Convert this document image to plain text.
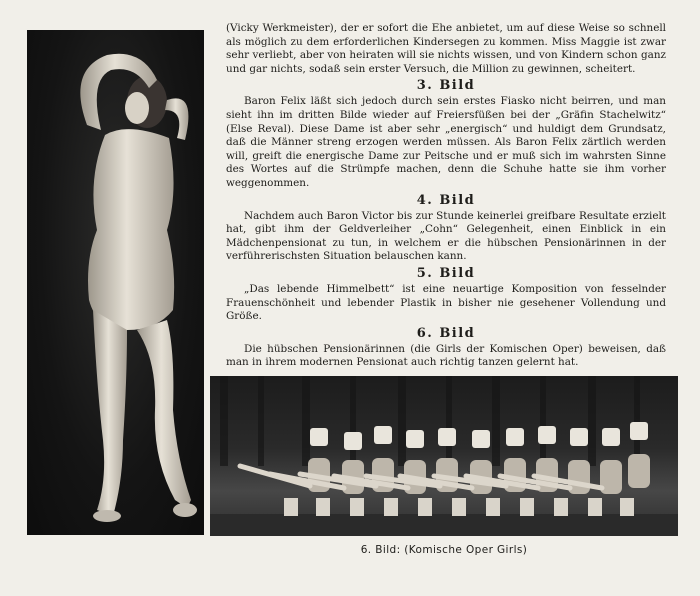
(Vicky Werkmeister), der er sofort die Ehe anbietet, um auf diese Weise so schnell als möglich zu dem erforderlichen Kindersegen zu kommen. Miss Maggie ist zwar sehr verliebt, aber von heiraten will sie nichts wissen, und von Kindern schon ganz und gar nichts, sodaß sein erster Versuch, die Million zu gewinnen, scheitert.

3. Bild

Baron Felix läßt sich jedoch durch sein erstes Fiasko nicht beirren, und man sieht ihn im dritten Bilde wieder auf Freiersfüßen bei der „Gräfin Stachelwitz“ (Else Reval). Diese Dame ist aber sehr „energisch“ und huldigt dem Grundsatz, daß die Männer streng erzogen werden müssen. Als Baron Felix zärtlich werden will, greift die energische Dame zur Peitsche und er muß sich im wahrsten Sinne des Wortes auf die Strümpfe machen, denn die Schuhe hatte sie ihm vorher weggenommen.

4. Bild

Nachdem auch Baron Victor bis zur Stunde keinerlei greifbare Resultate erzielt hat, gibt ihm der Geldverleiher „Cohn“ Gelegenheit, einen Einblick in ein Mädchenpensionat zu tun, in welchem er die hübschen Pensionärinnen in der verführerischsten Situation belauschen kann.

5. Bild

„Das lebende Himmelbett“ ist eine neuartige Komposition von fesselnder Frauenschönheit und lebender Plastik in bisher nie gesehener Vollendung und Größe.

6. Bild

Die hübschen Pensionärinnen (die Girls der Komischen Oper) beweisen, daß man in ihrem modernen Pensionat auch richtig tanzen gelernt hat.

6. Bild: (Komische Oper Girls)
